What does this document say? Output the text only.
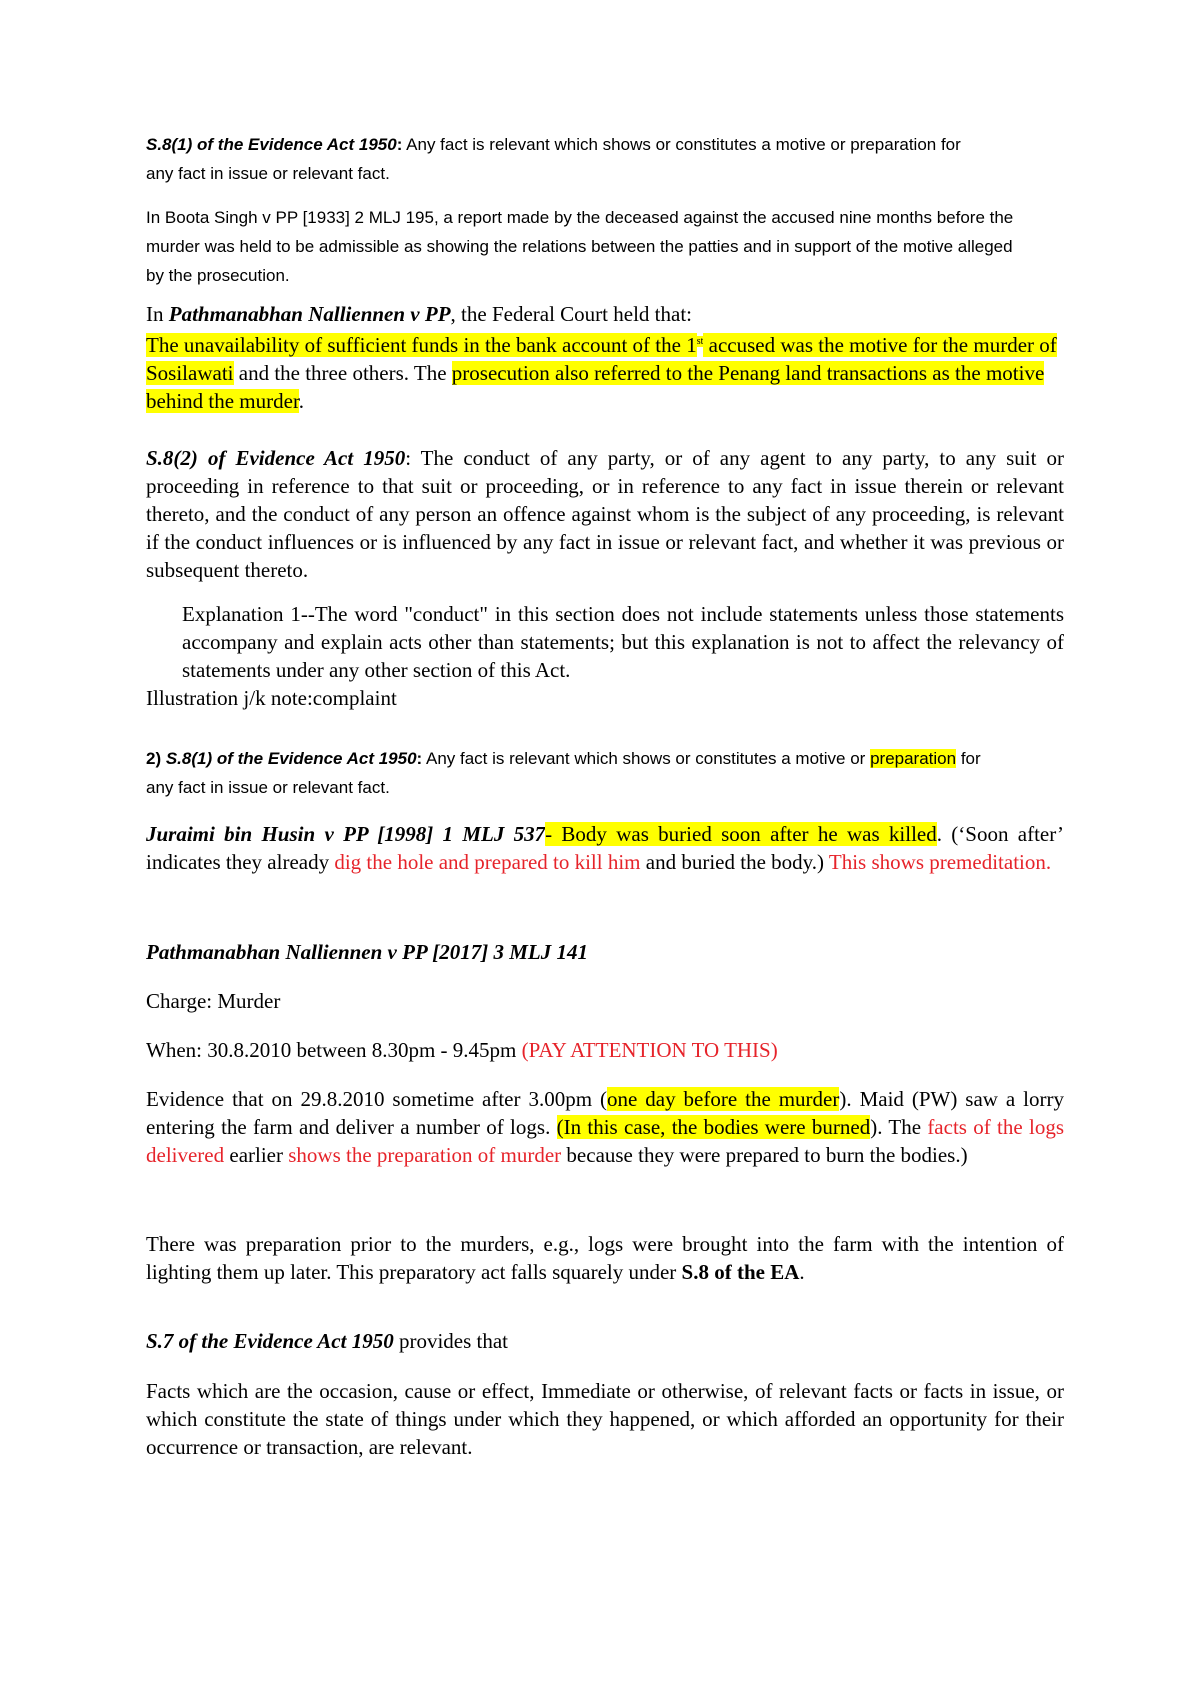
S.8(1) of the Evidence Act 1950: Any fact is relevant which shows or constitutes a motive or preparation for any fact in issue or relevant fact.

In Boota Singh v PP [1933] 2 MLJ 195, a report made by the deceased against the accused nine months before the murder was held to be admissible as showing the relations between the patties and in support of the motive alleged by the prosecution.

In Pathmanabhan Nalliennen v PP, the Federal Court held that:

The unavailability of sufficient funds in the bank account of the 1st accused was the motive for the murder of Sosilawati and the three others. The prosecution also referred to the Penang land transactions as the motive behind the murder.

S.8(2) of Evidence Act 1950: The conduct of any party, or of any agent to any party, to any suit or proceeding in reference to that suit or proceeding, or in reference to any fact in issue therein or relevant thereto, and the conduct of any person an offence against whom is the subject of any proceeding, is relevant if the conduct influences or is influenced by any fact in issue or relevant fact, and whether it was previous or subsequent thereto.

Explanation 1--The word "conduct" in this section does not include statements unless those statements accompany and explain acts other than statements; but this explanation is not to affect the relevancy of statements under any other section of this Act.

Illustration j/k note:complaint

2) S.8(1) of the Evidence Act 1950: Any fact is relevant which shows or constitutes a motive or preparation for any fact in issue or relevant fact.

Juraimi bin Husin v PP [1998] 1 MLJ 537- Body was buried soon after he was killed. (‘Soon after’ indicates they already dig the hole and prepared to kill him and buried the body.) This shows premeditation.

Pathmanabhan Nalliennen v PP [2017] 3 MLJ 141

Charge: Murder

When: 30.8.2010 between 8.30pm - 9.45pm (PAY ATTENTION TO THIS)

Evidence that on 29.8.2010 sometime after 3.00pm (one day before the murder). Maid (PW) saw a lorry entering the farm and deliver a number of logs. (In this case, the bodies were burned). The facts of the logs delivered earlier shows the preparation of murder because they were prepared to burn the bodies.)

There was preparation prior to the murders, e.g., logs were brought into the farm with the intention of lighting them up later. This preparatory act falls squarely under S.8 of the EA.

S.7 of the Evidence Act 1950 provides that

Facts which are the occasion, cause or effect, Immediate or otherwise, of relevant facts or facts in issue, or which constitute the state of things under which they happened, or which afforded an opportunity for their occurrence or transaction, are relevant.
